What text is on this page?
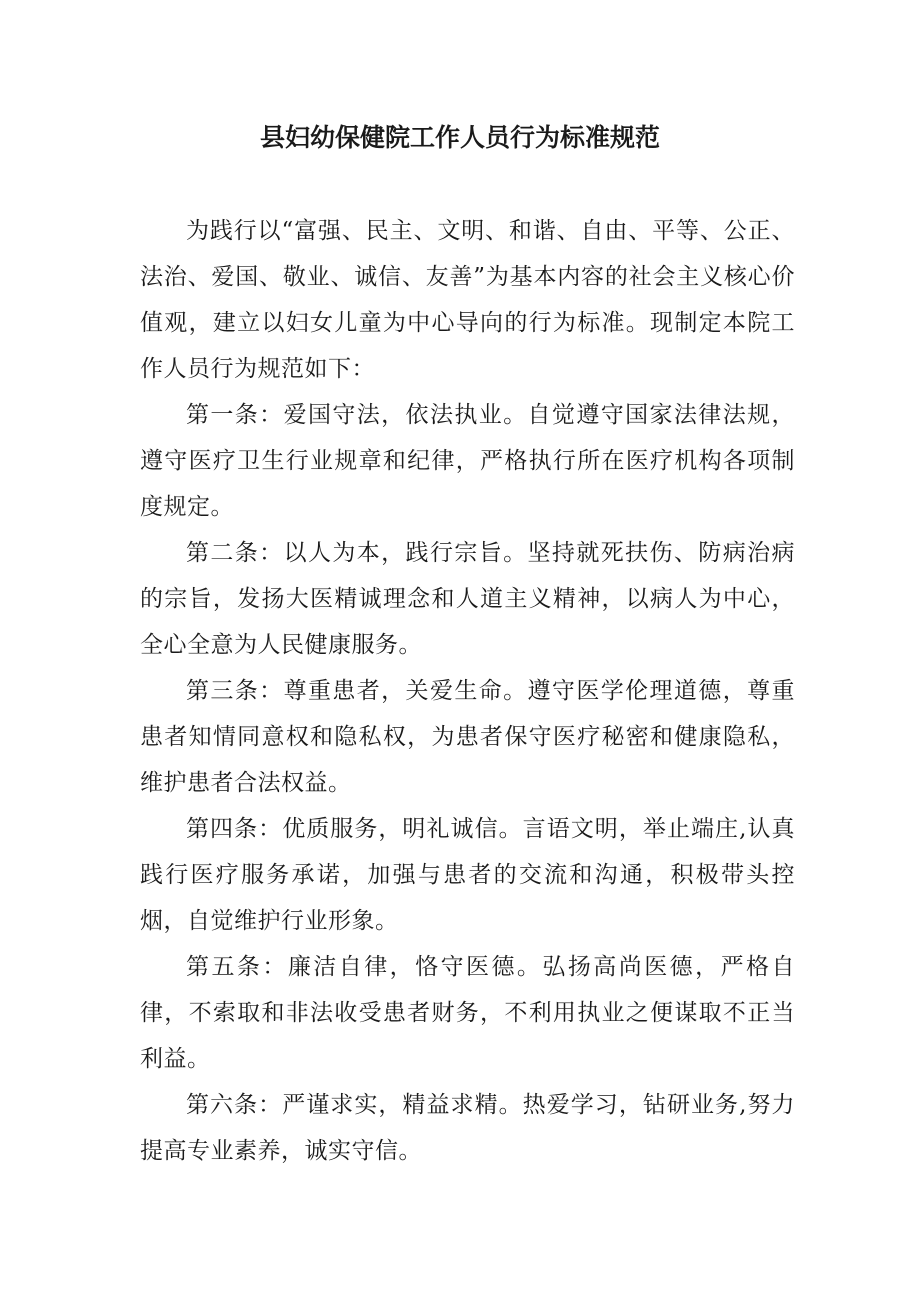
县妇幼保健院工作人员行为标准规范

为践行以“富强、民主、文明、和谐、自由、平等、公正、法治、爱国、敬业、诚信、友善”为基本内容的社会主义核心价值观，建立以妇女儿童为中心导向的行为标准。现制定本院工作人员行为规范如下：

第一条：爱国守法，依法执业。自觉遵守国家法律法规，遵守医疗卫生行业规章和纪律，严格执行所在医疗机构各项制度规定。

第二条：以人为本，践行宗旨。坚持就死扶伤、防病治病的宗旨，发扬大医精诚理念和人道主义精神，以病人为中心，全心全意为人民健康服务。

第三条：尊重患者，关爱生命。遵守医学伦理道德，尊重患者知情同意权和隐私权，为患者保守医疗秘密和健康隐私，维护患者合法权益。

第四条：优质服务，明礼诚信。言语文明，举止端庄,认真践行医疗服务承诺，加强与患者的交流和沟通，积极带头控烟，自觉维护行业形象。

第五条：廉洁自律，恪守医德。弘扬高尚医德，严格自律，不索取和非法收受患者财务，不利用执业之便谋取不正当利益。

第六条：严谨求实，精益求精。热爱学习，钻研业务,努力提高专业素养，诚实守信。
